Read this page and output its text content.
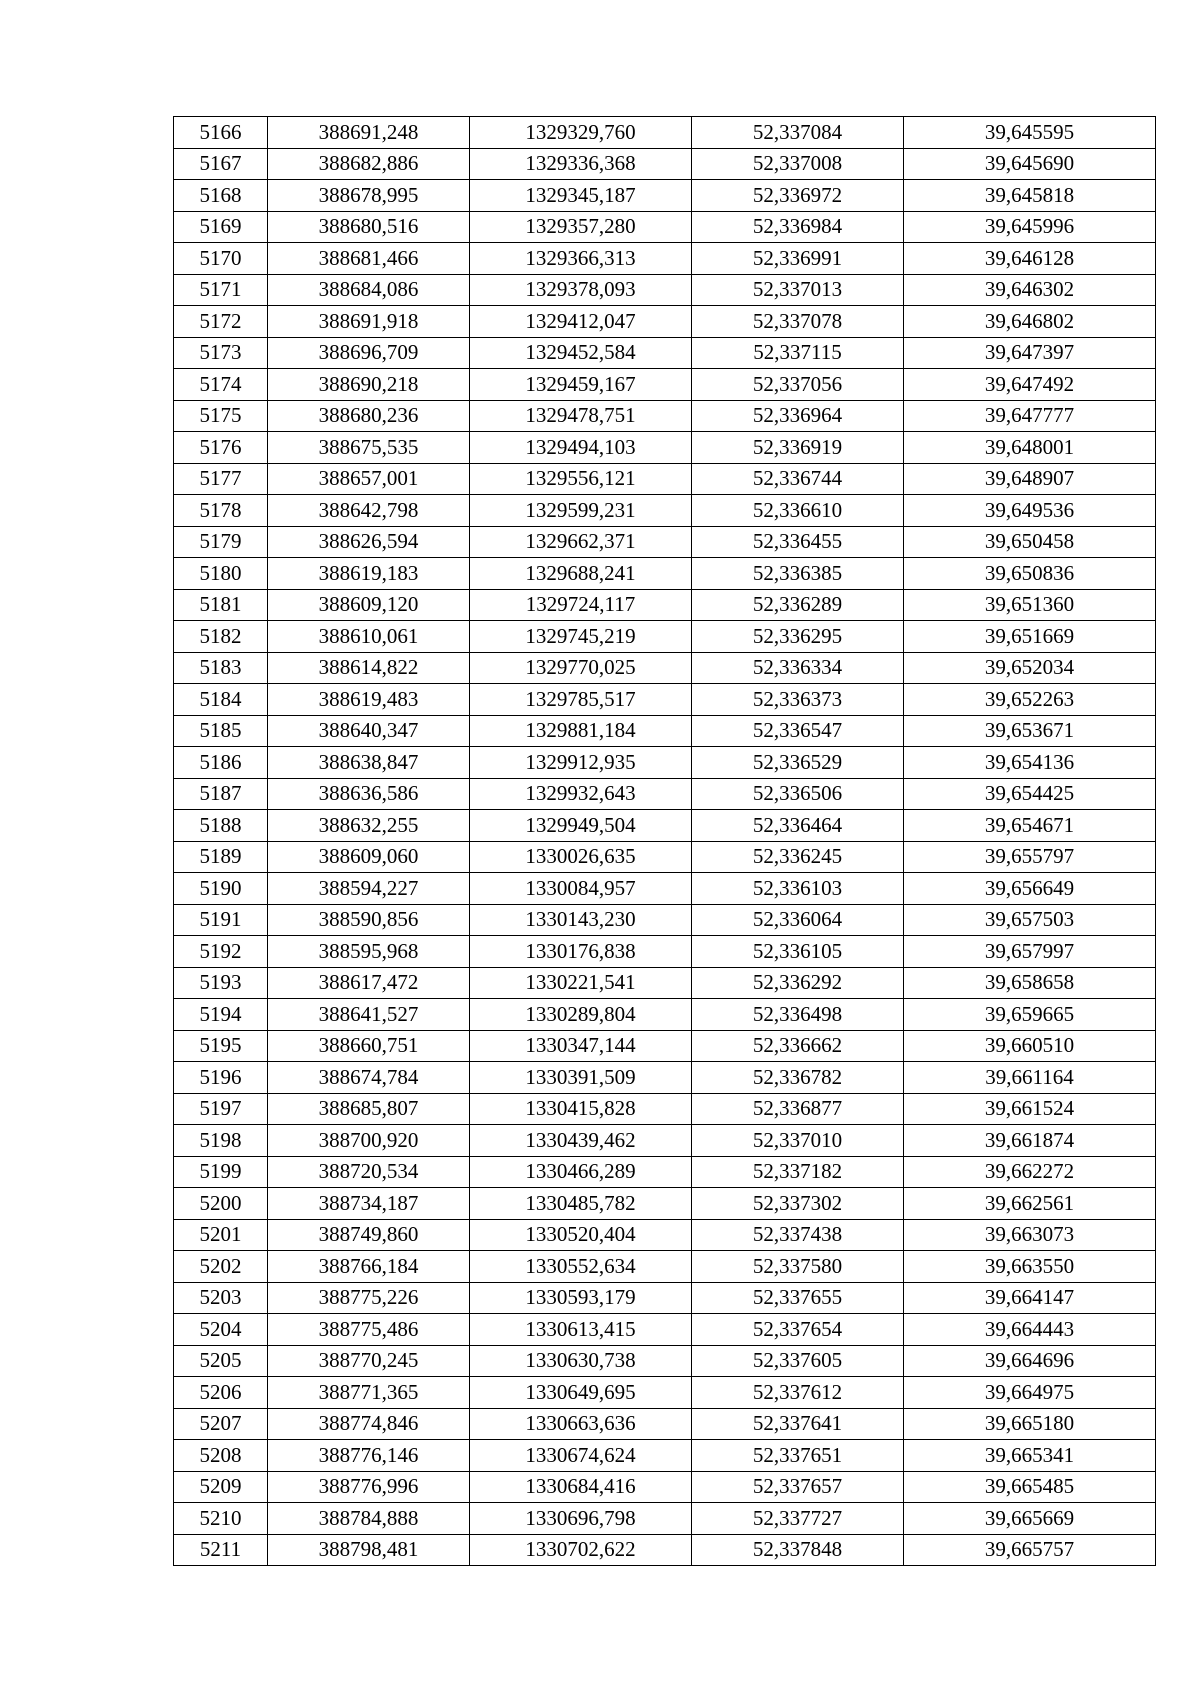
5166	388691,248	1329329,760	52,337084	39,645595
5167	388682,886	1329336,368	52,337008	39,645690
5168	388678,995	1329345,187	52,336972	39,645818
5169	388680,516	1329357,280	52,336984	39,645996
5170	388681,466	1329366,313	52,336991	39,646128
5171	388684,086	1329378,093	52,337013	39,646302
5172	388691,918	1329412,047	52,337078	39,646802
5173	388696,709	1329452,584	52,337115	39,647397
5174	388690,218	1329459,167	52,337056	39,647492
5175	388680,236	1329478,751	52,336964	39,647777
5176	388675,535	1329494,103	52,336919	39,648001
5177	388657,001	1329556,121	52,336744	39,648907
5178	388642,798	1329599,231	52,336610	39,649536
5179	388626,594	1329662,371	52,336455	39,650458
5180	388619,183	1329688,241	52,336385	39,650836
5181	388609,120	1329724,117	52,336289	39,651360
5182	388610,061	1329745,219	52,336295	39,651669
5183	388614,822	1329770,025	52,336334	39,652034
5184	388619,483	1329785,517	52,336373	39,652263
5185	388640,347	1329881,184	52,336547	39,653671
5186	388638,847	1329912,935	52,336529	39,654136
5187	388636,586	1329932,643	52,336506	39,654425
5188	388632,255	1329949,504	52,336464	39,654671
5189	388609,060	1330026,635	52,336245	39,655797
5190	388594,227	1330084,957	52,336103	39,656649
5191	388590,856	1330143,230	52,336064	39,657503
5192	388595,968	1330176,838	52,336105	39,657997
5193	388617,472	1330221,541	52,336292	39,658658
5194	388641,527	1330289,804	52,336498	39,659665
5195	388660,751	1330347,144	52,336662	39,660510
5196	388674,784	1330391,509	52,336782	39,661164
5197	388685,807	1330415,828	52,336877	39,661524
5198	388700,920	1330439,462	52,337010	39,661874
5199	388720,534	1330466,289	52,337182	39,662272
5200	388734,187	1330485,782	52,337302	39,662561
5201	388749,860	1330520,404	52,337438	39,663073
5202	388766,184	1330552,634	52,337580	39,663550
5203	388775,226	1330593,179	52,337655	39,664147
5204	388775,486	1330613,415	52,337654	39,664443
5205	388770,245	1330630,738	52,337605	39,664696
5206	388771,365	1330649,695	52,337612	39,664975
5207	388774,846	1330663,636	52,337641	39,665180
5208	388776,146	1330674,624	52,337651	39,665341
5209	388776,996	1330684,416	52,337657	39,665485
5210	388784,888	1330696,798	52,337727	39,665669
5211	388798,481	1330702,622	52,337848	39,665757
